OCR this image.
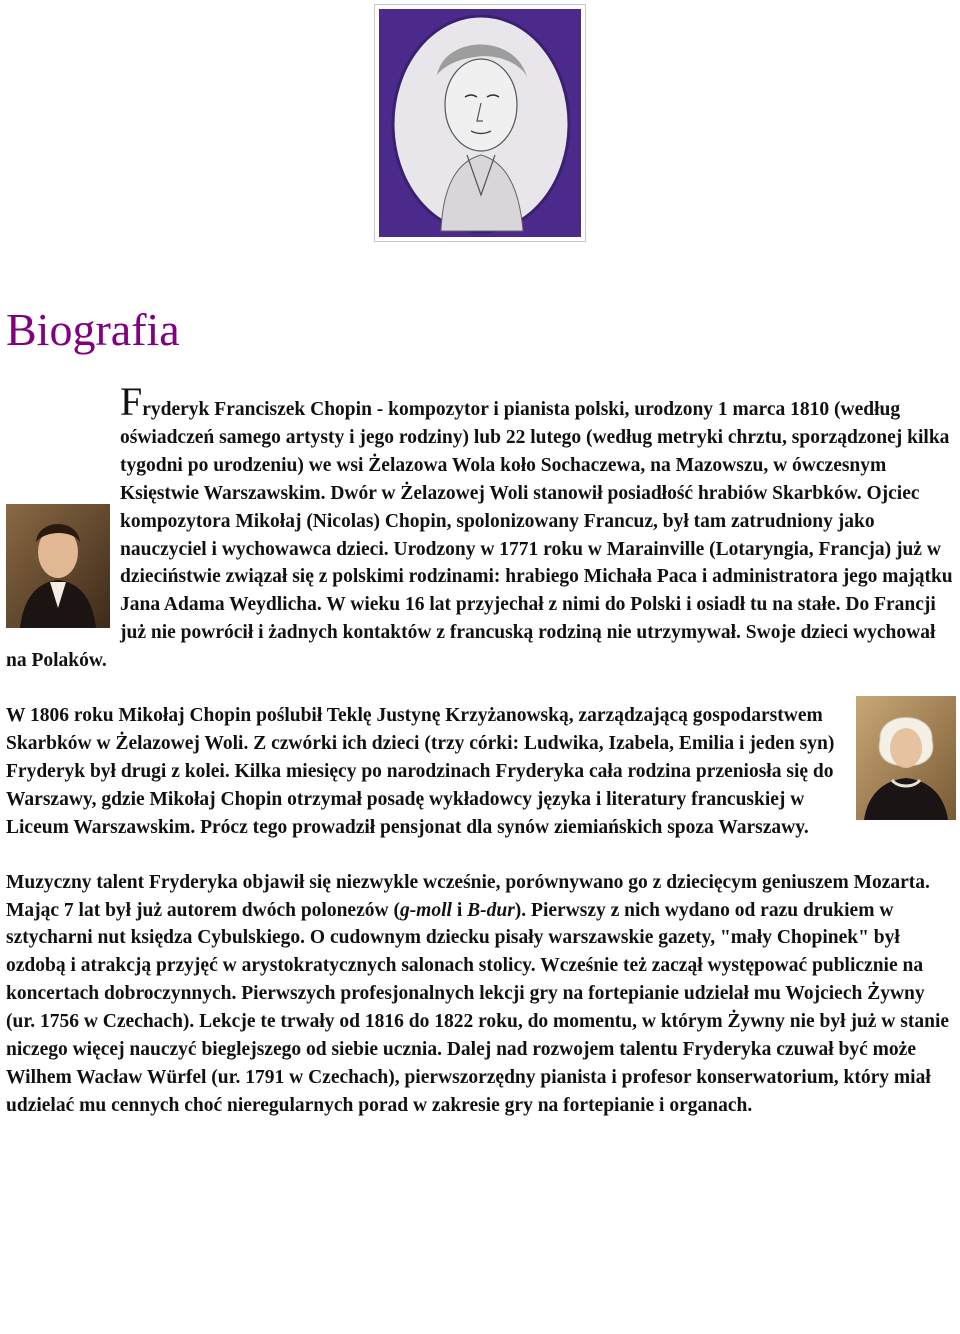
Biografia

Fryderyk Franciszek Chopin - kompozytor i pianista polski, urodzony 1 marca 1810 (według oświadczeń samego artysty i jego rodziny) lub 22 lutego (według metryki chrztu, sporządzonej kilka tygodni po urodzeniu) we wsi Żelazowa Wola koło Sochaczewa, na Mazowszu, w ówczesnym Księstwie Warszawskim. Dwór w Żelazowej Woli stanowił posiadłość hrabiów Skarbków. Ojciec kompozytora Mikołaj (Nicolas) Chopin, spolonizowany Francuz, był tam zatrudniony jako nauczyciel i wychowawca dzieci. Urodzony w 1771 roku w Marainville (Lotaryngia, Francja) już w dzieciństwie związał się z polskimi rodzinami: hrabiego Michała Paca i administratora jego majątku Jana Adama Weydlicha. W wieku 16 lat przyjechał z nimi do Polski i osiadł tu na stałe. Do Francji już nie powrócił i żadnych kontaktów z francuską rodziną nie utrzymywał. Swoje dzieci wychował na Polaków.

W 1806 roku Mikołaj Chopin poślubił Teklę Justynę Krzyżanowską, zarządzającą gospodarstwem Skarbków w Żelazowej Woli. Z czwórki ich dzieci (trzy córki: Ludwika, Izabela, Emilia i jeden syn) Fryderyk był drugi z kolei. Kilka miesięcy po narodzinach Fryderyka cała rodzina przeniosła się do Warszawy, gdzie Mikołaj Chopin otrzymał posadę wykładowcy języka i literatury francuskiej w Liceum Warszawskim. Prócz tego prowadził pensjonat dla synów ziemiańskich spoza Warszawy.

Muzyczny talent Fryderyka objawił się niezwykle wcześnie, porównywano go z dziecięcym geniuszem Mozarta. Mając 7 lat był już autorem dwóch polonezów (g-moll i B-dur). Pierwszy z nich wydano od razu drukiem w sztycharni nut księdza Cybulskiego. O cudownym dziecku pisały warszawskie gazety, "mały Chopinek" był ozdobą i atrakcją przyjęć w arystokratycznych salonach stolicy. Wcześnie też zaczął występować publicznie na koncertach dobroczynnych. Pierwszych profesjonalnych lekcji gry na fortepianie udzielał mu Wojciech Żywny (ur. 1756 w Czechach). Lekcje te trwały od 1816 do 1822 roku, do momentu, w którym Żywny nie był już w stanie niczego więcej nauczyć bieglejszego od siebie ucznia. Dalej nad rozwojem talentu Fryderyka czuwał być może Wilhem Wacław Würfel (ur. 1791 w Czechach), pierwszorzędny pianista i profesor konserwatorium, który miał udzielać mu cennych choć nieregularnych porad w zakresie gry na fortepianie i organach.
